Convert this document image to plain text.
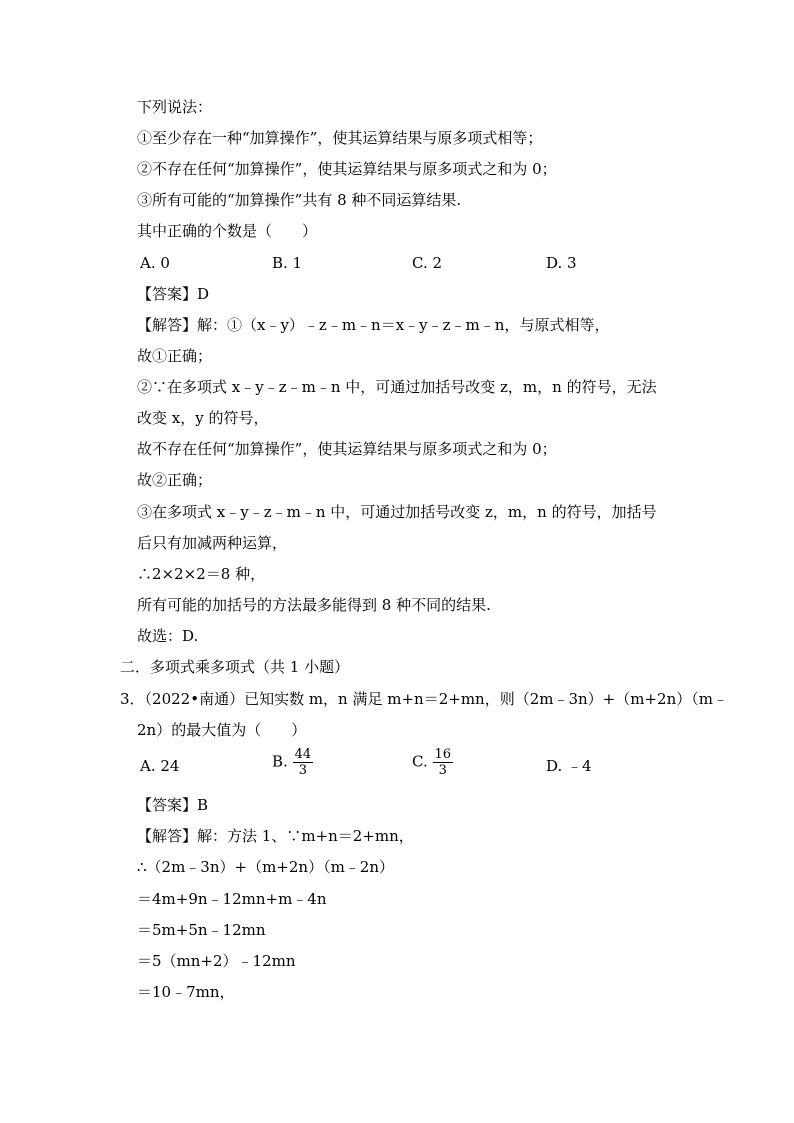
下列说法：
①至少存在一种“加算操作”，使其运算结果与原多项式相等；
②不存在任何“加算操作”，使其运算结果与原多项式之和为 0；
③所有可能的“加算操作”共有 8 种不同运算结果.
其中正确的个数是（　　）
A. 0	B. 1	C. 2	D. 3
【答案】D
【解答】解：①（x﹣y）﹣z﹣m﹣n＝x﹣y﹣z﹣m﹣n，与原式相等，
故①正确；
②∵在多项式 x﹣y﹣z﹣m﹣n 中，可通过加括号改变 z，m，n 的符号，无法
改变 x，y 的符号，
故不存在任何“加算操作”，使其运算结果与原多项式之和为 0；
故②正确；
③在多项式 x﹣y﹣z﹣m﹣n 中，可通过加括号改变 z，m，n 的符号，加括号
后只有加减两种运算，
∴2×2×2＝8 种，
所有可能的加括号的方法最多能得到 8 种不同的结果.
故选：D.
二．多项式乘多项式（共 1 小题）
3．（2022•南通）已知实数 m，n 满足 m+n＝2+mn，则（2m﹣3n）+（m+2n）（m﹣
2n）的最大值为（　　）
A. 24	B. $\frac{44}{3}$	C. $\frac{16}{3}$	D. ﹣4
【答案】B
【解答】解：方法 1、∵m+n＝2+mn，
∴（2m﹣3n）+（m+2n）（m﹣2n）
＝4m+9n﹣12mn+m﹣4n
＝5m+5n﹣12mn
＝5（mn+2）﹣12mn
＝10﹣7mn，
